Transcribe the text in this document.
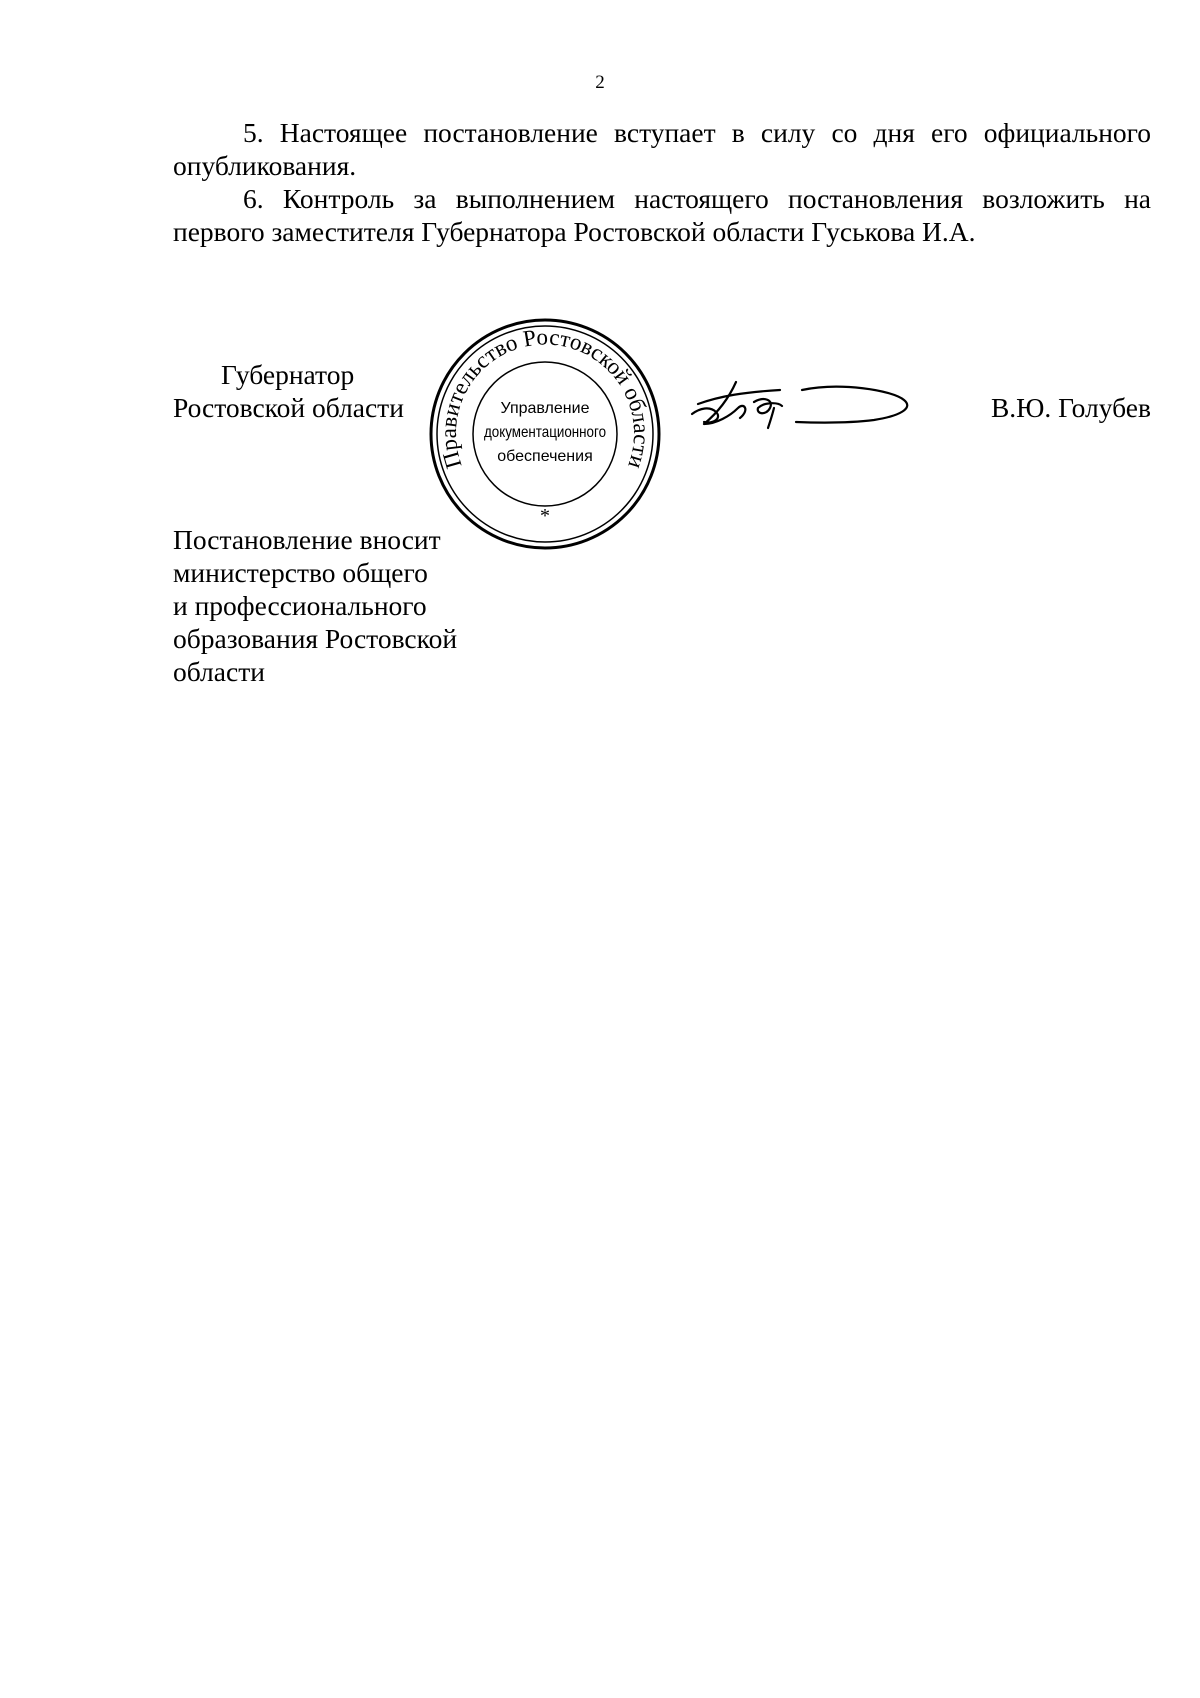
2

5. Настоящее постановление вступает в силу со дня его официального опубликования.

6. Контроль за выполнением настоящего постановления возложить на первого заместителя Губернатора Ростовской области Гуськова И.А.

Губернатор
Ростовской области
Правительство Ростовской области
Управление
документационного
обеспечения
*
В.Ю. Голубев
Постановление вносит
министерство общего
и профессионального
образования Ростовской
области
